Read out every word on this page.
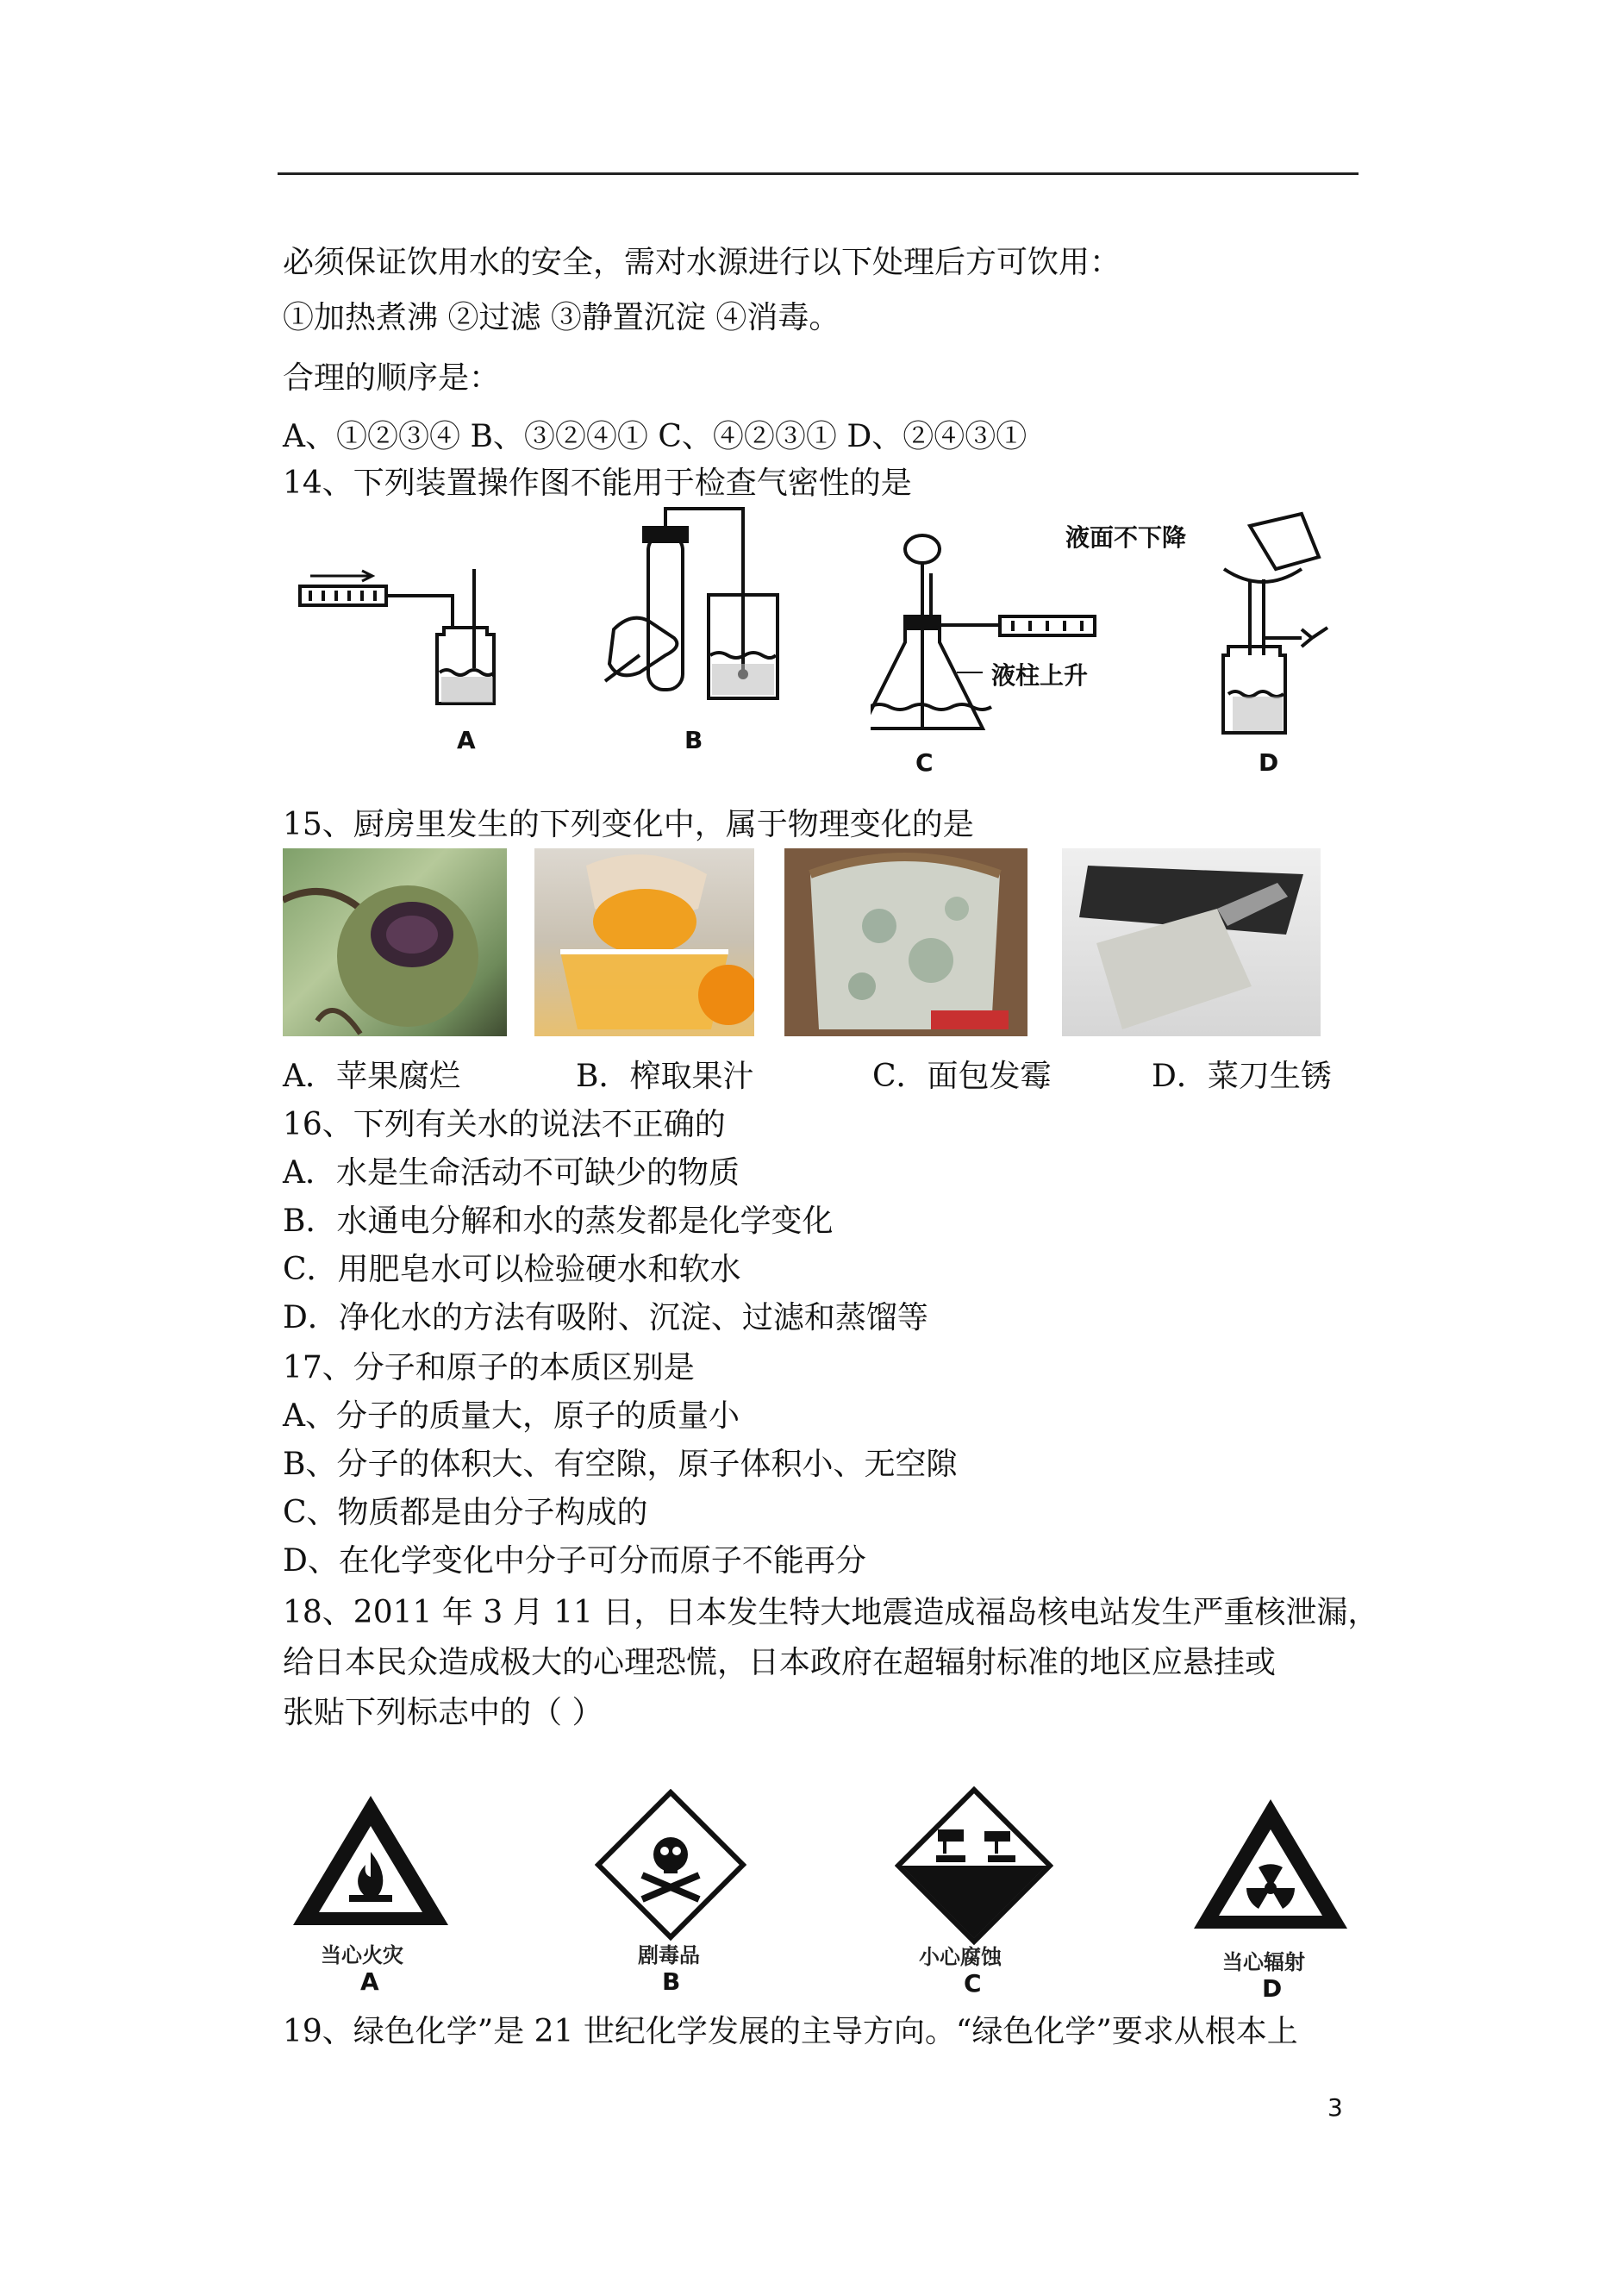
必须保证饮用水的安全，需对水源进行以下处理后方可饮用：
①加热煮沸 ②过滤 ③静置沉淀 ④消毒。
合理的顺序是：
A、①②③④ B、③②④① C、④②③① D、②④③①
14、下列装置操作图不能用于检查气密性的是
A	B
液柱上升
C
液面不下降
D
15、厨房里发生的下列变化中，属于物理变化的是
A．苹果腐烂	B．榨取果汁	C．面包发霉	D．菜刀生锈
16、下列有关水的说法不正确的
A．水是生命活动不可缺少的物质
B．水通电分解和水的蒸发都是化学变化
C．用肥皂水可以检验硬水和软水
D．净化水的方法有吸附、沉淀、过滤和蒸馏等
17、分子和原子的本质区别是
A、分子的质量大，原子的质量小
B、分子的体积大、有空隙，原子体积小、无空隙
C、物质都是由分子构成的
D、在化学变化中分子可分而原子不能再分
18、2011 年 3 月 11 日，日本发生特大地震造成福岛核电站发生严重核泄漏，
给日本民众造成极大的心理恐慌，日本政府在超辐射标准的地区应悬挂或
张贴下列标志中的（ ）
当心火灾
A
剧毒品
B
小心腐蚀
C
当心辐射
D
19、绿色化学”是 21 世纪化学发展的主导方向。“绿色化学”要求从根本上
3
